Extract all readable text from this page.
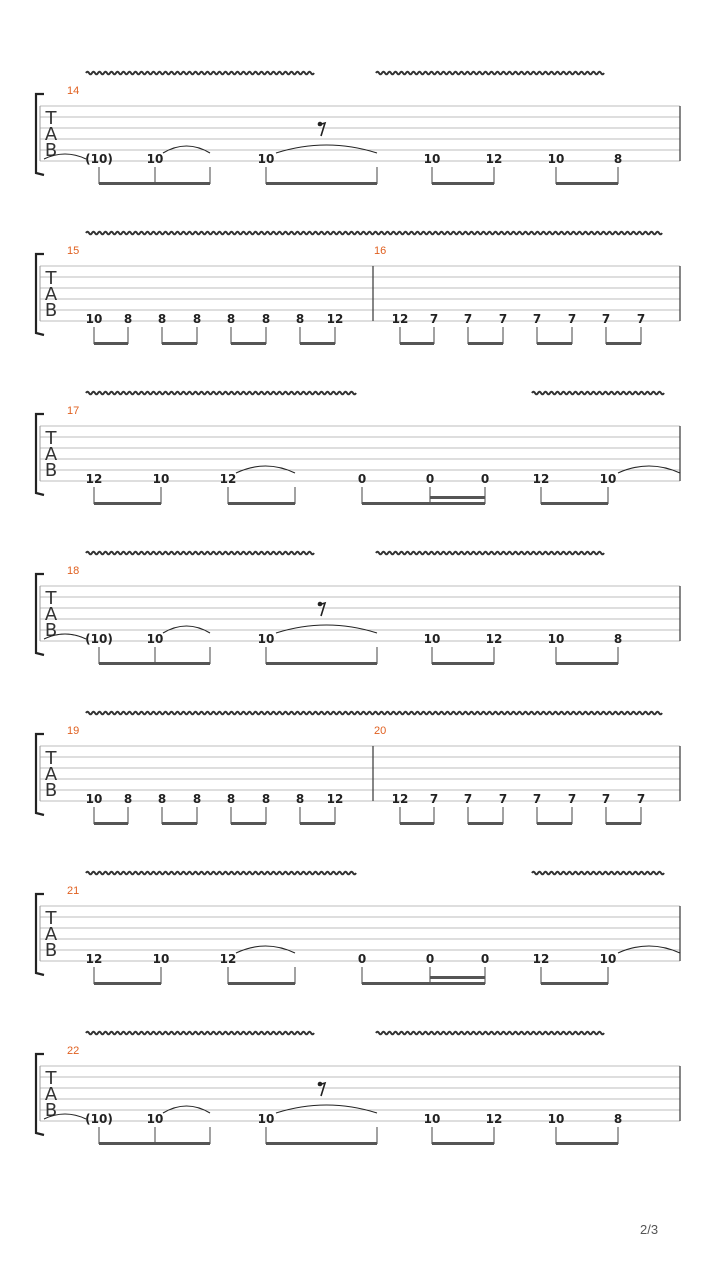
T
A
B
14
(10)	10	10	10	12	10	8
T
A
B
15
10 8 8 8 8 8 8 12
16
12 7 7 7 7 7 7 7
T
A
B
17
12	10	12	0	0	0	12	10
T
A
B
18
(10)	10	10	10	12	10	8
T
A
B
19
10 8 8 8 8 8 8 12
20
12 7 7 7 7 7 7 7
T
A
B
21
12	10	12	0	0	0	12	10
T
A
B
22
(10)	10	10	10	12	10	8
2/3
